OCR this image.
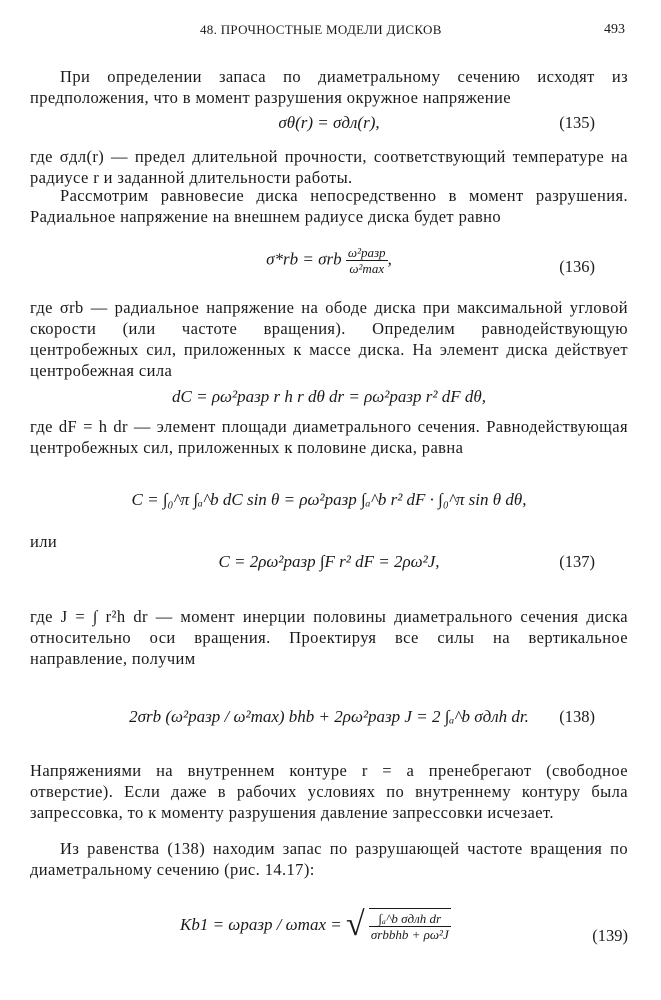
48. ПРОЧНОСТНЫЕ МОДЕЛИ ДИСКОВ	493
При определении запаса по диаметральному сечению исходят из предположения, что в момент разрушения окружное напряжение
σθ(r) = σдл(r),	(135)
где σдл(r) — предел длительной прочности, соответствующий температуре на радиусе r и заданной длительности работы.
Рассмотрим равновесие диска непосредственно в момент разрушения. Радиальное напряжение на внешнем радиусе диска будет равно
σ*rb = σrb $\frac{\text{ω²разр}}{\text{ω²max}}$ ,	(136)
где σrb — радиальное напряжение на ободе диска при максимальной угловой скорости (или частоте вращения). Определим равнодействующую центробежных сил, приложенных к массе диска. На элемент диска действует центробежная сила
dC = ρω²разр r h r dθ dr = ρω²разр r² dF dθ,
где dF = h dr — элемент площади диаметрального сечения. Равнодействующая центробежных сил, приложенных к половине диска, равна
C = ∫₀^π ∫ₐ^b dC sin θ = ρω²разр ∫ₐ^b r² dF · ∫₀^π sin θ dθ,
или
C = 2ρω²разр ∫F r² dF = 2ρω²J,	(137)
где J = ∫ r²h dr — момент инерции половины диаметрального сечения диска относительно оси вращения. Проектируя все силы на вертикальное направление, получим
2σrb (ω²разр / ω²max) bhb + 2ρω²разр J = 2 ∫ₐ^b σдлh dr. (138)
Напряжениями на внутреннем контуре r = a пренебрегают (свободное отверстие). Если даже в рабочих условиях по внутреннему контуру была запрессовка, то к моменту разрушения давление запрессовки исчезает.
Из равенства (138) находим запас по разрушающей частоте вращения по диаметральному сечению (рис. 14.17):
Kb1 = ωразр / ωmax = √ $\frac{\text{∫ₐ\textasciicircum{}b σдлh dr}}{\text{σrbbhb + ρω²J}}$	(139)
